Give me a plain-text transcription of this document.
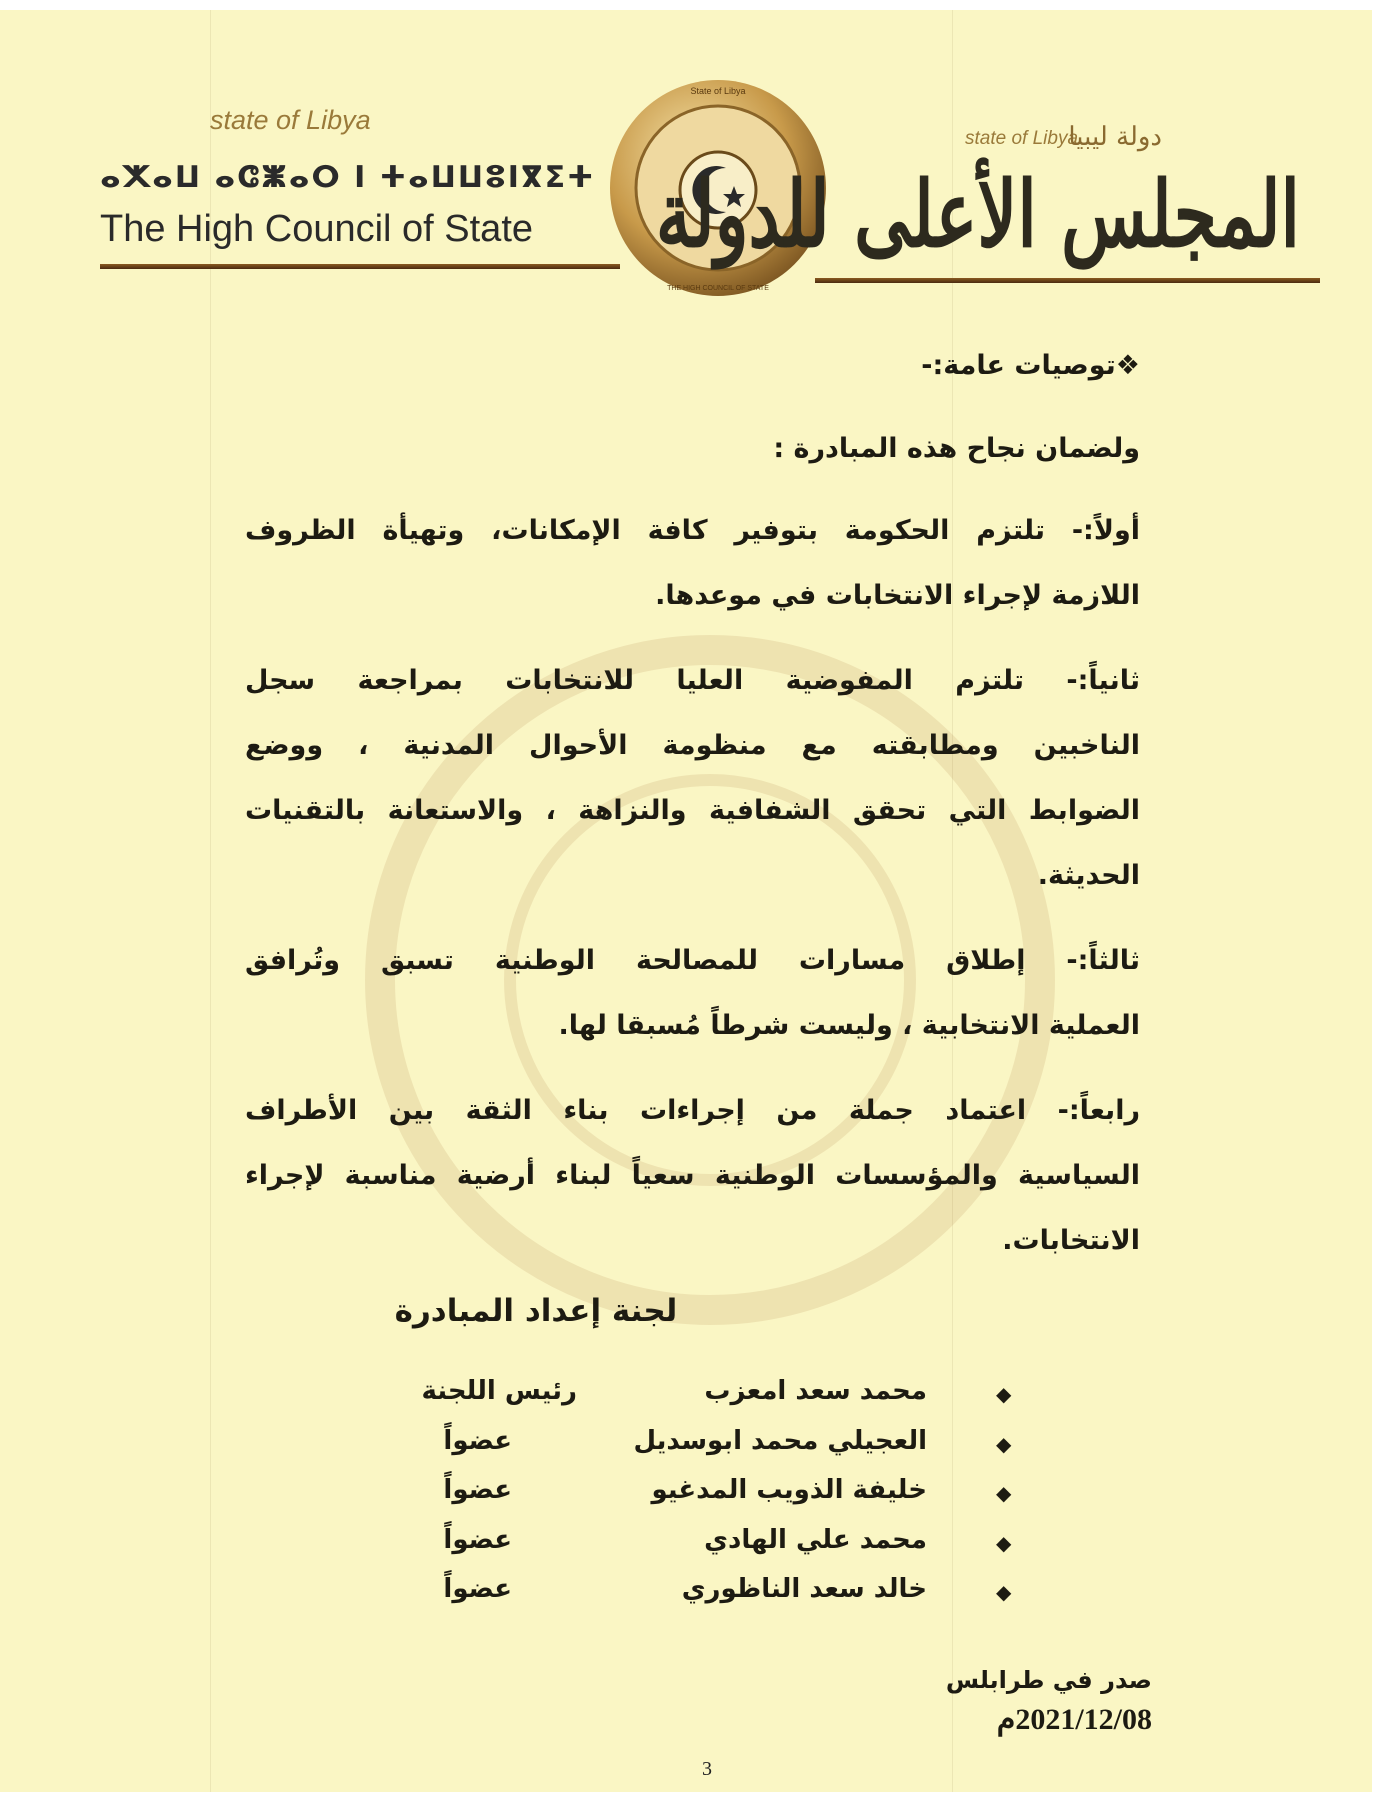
state of Libya
ⴰⵅⴰⵡ ⴰⵛⵥⴰⵔ ⵏ ⵜⴰⵡⵡⵓⵏⴳⵉⵜ
The High Council of State
State of Libya
THE HIGH COUNCIL OF STATE
state of Libya
دولة ليبيا
المجلس الأعلى للدولة
❖توصيات عامة:-
ولضمان نجاح هذه المبادرة :
أولاً:- تلتزم الحكومة بتوفير كافة الإمكانات، وتهيأة الظروف
اللازمة لإجراء الانتخابات في موعدها.
ثانياً:- تلتزم المفوضية العليا للانتخابات بمراجعة سجل
الناخبين ومطابقته مع منظومة الأحوال المدنية ، ووضع
الضوابط التي تحقق الشفافية والنزاهة ، والاستعانة بالتقنيات
الحديثة.
ثالثاً:- إطلاق مسارات للمصالحة الوطنية تسبق وتُرافق
العملية الانتخابية ، وليست شرطاً مُسبقا لها.
رابعاً:- اعتماد جملة من إجراءات بناء الثقة بين الأطراف
السياسية والمؤسسات الوطنية سعياً لبناء أرضية مناسبة لإجراء
الانتخابات.
لجنة إعداد المبادرة
◆
محمد سعد امعزب
رئيس اللجنة
◆
العجيلي محمد ابوسديل
عضواً
◆
خليفة الذويب المدغيو
عضواً
◆
محمد علي الهادي
عضواً
◆
خالد سعد الناظوري
عضواً
صدر في طرابلس
2021/12/08م
3
